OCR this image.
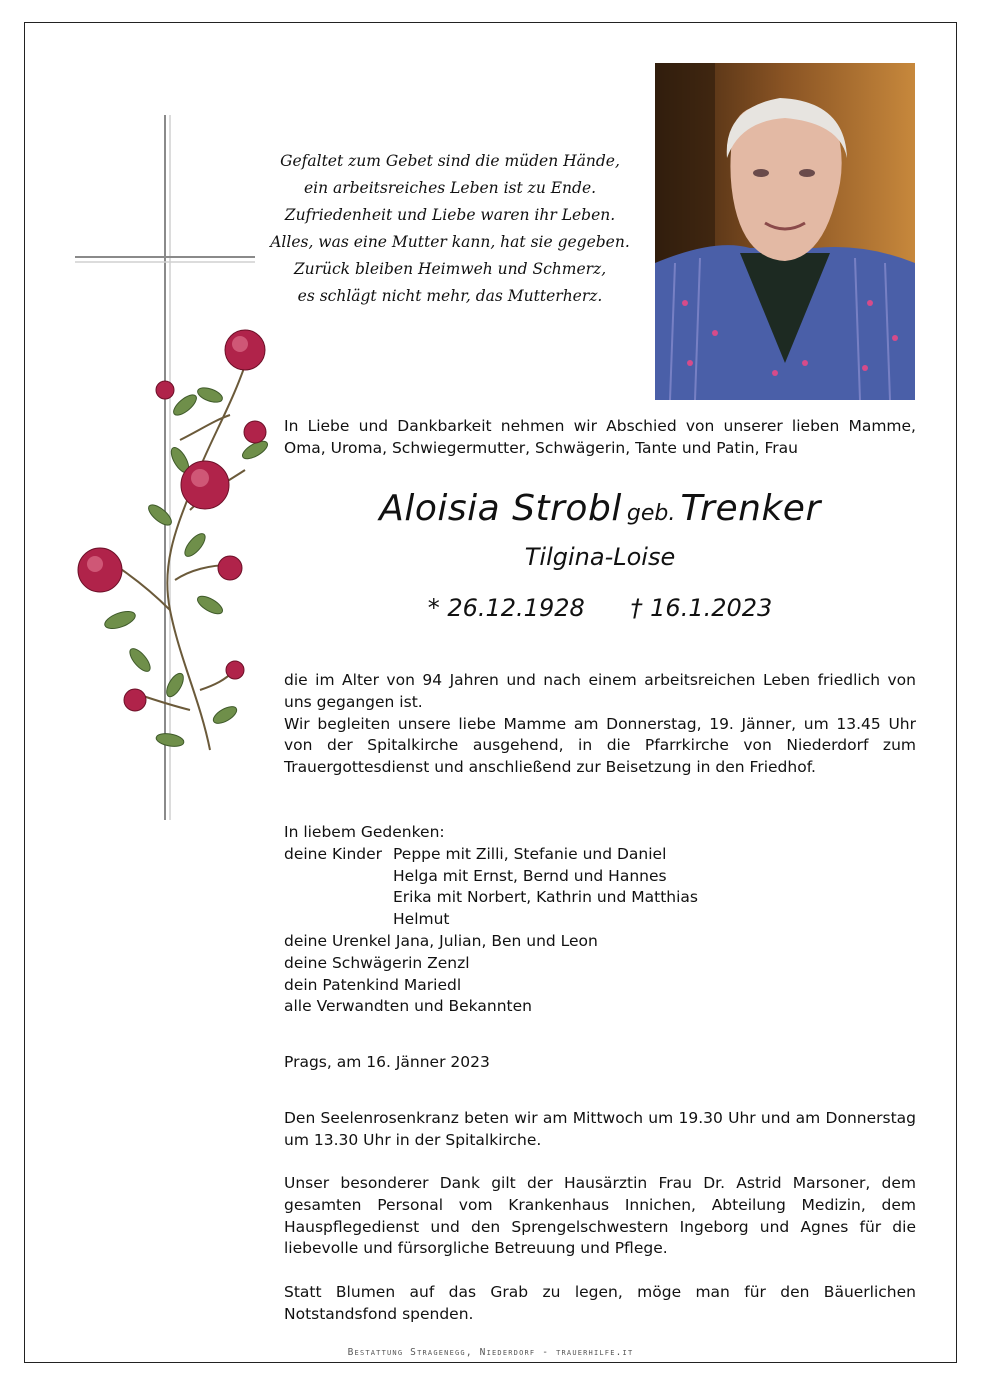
Gefaltet zum Gebet sind die müden Hände,
ein arbeitsreiches Leben ist zu Ende.
Zufriedenheit und Liebe waren ihr Leben.
Alles, was eine Mutter kann, hat sie gegeben.
Zurück bleiben Heimweh und Schmerz,
es schlägt nicht mehr, das Mutterherz.

In Liebe und Dankbarkeit nehmen wir Abschied von unserer lieben Mamme, Oma, Uroma, Schwiegermutter, Schwägerin, Tante und Patin, Frau

Aloisia Strobl geb. Trenker
Tilgina-Loise
* 26.12.1928      † 16.1.2023

die im Alter von 94 Jahren und nach einem arbeitsreichen Leben friedlich von uns gegangen ist.

Wir begleiten unsere liebe Mamme am Donnerstag, 19. Jänner, um 13.45 Uhr von der Spitalkirche ausgehend, in die Pfarrkirche von Niederdorf zum Trauergottesdienst und anschließend zur Beisetzung in den Friedhof.

In liebem Gedenken:
deine Kinder Peppe mit Zilli, Stefanie und Daniel
Helga mit Ernst, Bernd und Hannes
Erika mit Norbert, Kathrin und Matthias
Helmut
deine Urenkel Jana, Julian, Ben und Leon
deine Schwägerin Zenzl
dein Patenkind Mariedl
alle Verwandten und Bekannten

Prags, am 16. Jänner 2023

Den Seelenrosenkranz beten wir am Mittwoch um 19.30 Uhr und am Donnerstag um 13.30 Uhr in der Spitalkirche.

Unser besonderer Dank gilt der Hausärztin Frau Dr. Astrid Marsoner, dem gesamten Personal vom Krankenhaus Innichen, Abteilung Medizin, dem Hauspflegedienst und den Sprengelschwestern Ingeborg und Agnes für die liebevolle und fürsorgliche Betreuung und Pflege.

Statt Blumen auf das Grab zu legen, möge man für den Bäuerlichen Notstandsfond spenden.

Bestattung Stragenegg, Niederdorf - trauerhilfe.it
